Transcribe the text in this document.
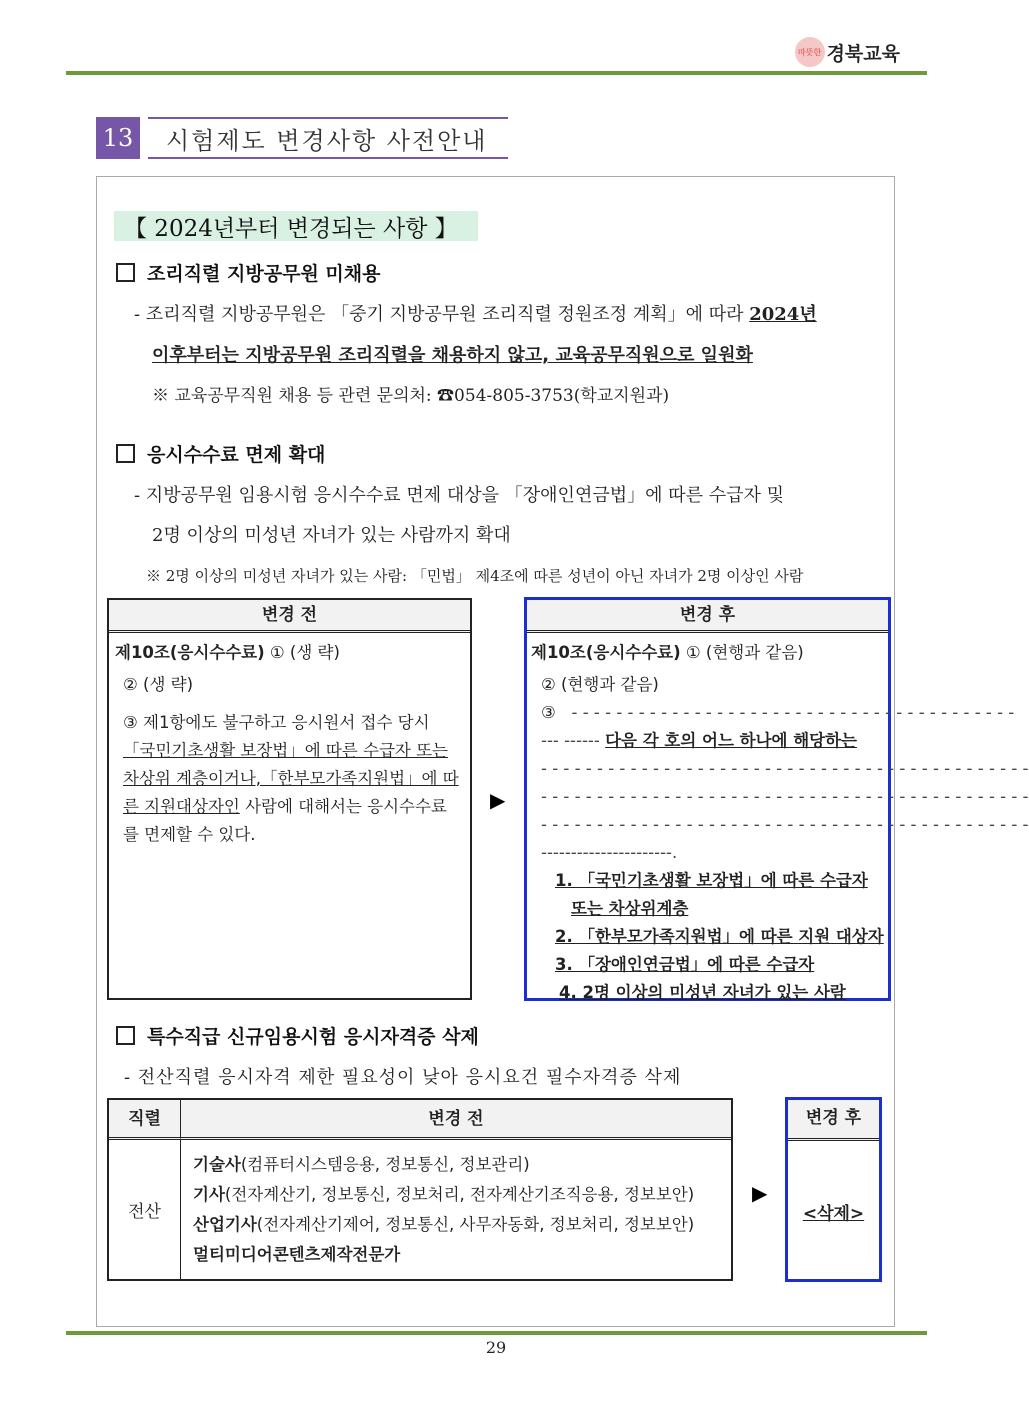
따뜻한 경북교육
13	시험제도 변경사항 사전안내
【 2024년부터 변경되는 사항 】
조리직렬 지방공무원 미채용
- 조리직렬 지방공무원은 「중기 지방공무원 조리직렬 정원조정 계획」에 따라 2024년
이후부터는 지방공무원 조리직렬을 채용하지 않고, 교육공무직원으로 일원화
※ 교육공무직원 채용 등 관련 문의처: ☎054-805-3753(학교지원과)
응시수수료 면제 확대
- 지방공무원 임용시험 응시수수료 면제 대상을 「장애인연금법」에 따른 수급자 및
2명 이상의 미성년 자녀가 있는 사람까지 확대
※ 2명 이상의 미성년 자녀가 있는 사람: 「민법」 제4조에 따른 성년이 아닌 자녀가 2명 이상인 사람
변경 전
제10조(응시수수료) ① (생 략)
② (생 략)
③ 제1항에도 불구하고 응시원서 접수 당시
「국민기초생활 보장법」에 따른 수급자 또는
차상위 계층이거나,「한부모가족지원법」에 따
른 지원대상자인 사람에 대해서는 응시수수료
를 면제할 수 있다.
▶
변경 후
제10조(응시수수료) ① (현행과 같음)
② (현행과 같음)
③   - - - - - - - - - - - - - - - - - - - - - - - - - - - - - - - - - - - - - - - -
--- ------ 다음 각 호의 어느 하나에 해당하는
- - - - - - - - - - - - - - - - - - - - - - - - - - - - - - - - - - - - - - - - - - - -
- - - - - - - - - - - - - - - - - - - - - - - - - - - - - - - - - - - - - - - - - - - -
- - - - - - - - - - - - - - - - - - - - - - - - - - - - - - - - - - - - - - - - - - - -
----------------------.
1. 「국민기초생활 보장법」에 따른 수급자
또는 차상위계층
2. 「한부모가족지원법」에 따른 지원 대상자
3. 「장애인연금법」에 따른 수급자
4. 2명 이상의 미성년 자녀가 있는 사람
특수직급 신규임용시험 응시자격증 삭제
- 전산직렬 응시자격 제한 필요성이 낮아 응시요건 필수자격증 삭제
직렬	변경 전
전산
기술사(컴퓨터시스템응용, 정보통신, 정보관리)
기사(전자계산기, 정보통신, 정보처리, 전자계산기조직응용, 정보보안)
산업기사(전자계산기제어, 정보통신, 사무자동화, 정보처리, 정보보안)
멀티미디어콘텐츠제작전문가
▶
변경 후
<삭제>
29
